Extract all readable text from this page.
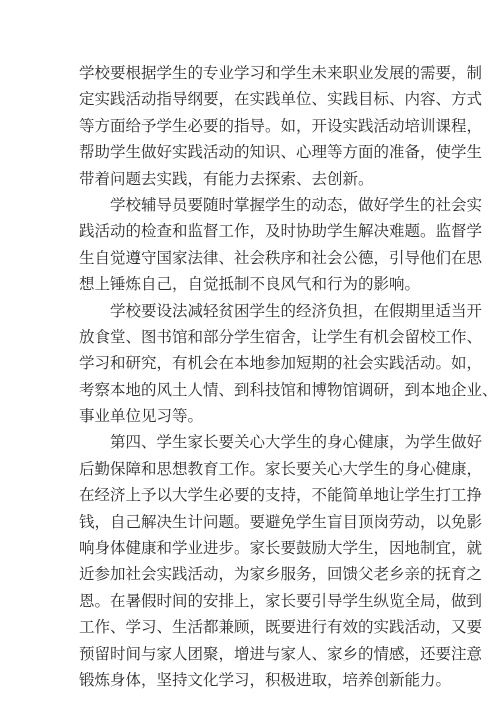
学校要根据学生的专业学习和学生未来职业发展的需要，制
定实践活动指导纲要，在实践单位、实践目标、内容、方式
等方面给予学生必要的指导。如，开设实践活动培训课程，
帮助学生做好实践活动的知识、心理等方面的准备，使学生
带着问题去实践，有能力去探索、去创新。
学校辅导员要随时掌握学生的动态，做好学生的社会实
践活动的检查和监督工作，及时协助学生解决难题。监督学
生自觉遵守国家法律、社会秩序和社会公德，引导他们在思
想上锤炼自己，自觉抵制不良风气和行为的影响。
学校要设法减轻贫困学生的经济负担，在假期里适当开
放食堂、图书馆和部分学生宿舍，让学生有机会留校工作、
学习和研究，有机会在本地参加短期的社会实践活动。如，
考察本地的风土人情、到科技馆和博物馆调研，到本地企业、
事业单位见习等。
第四、学生家长要关心大学生的身心健康，为学生做好
后勤保障和思想教育工作。家长要关心大学生的身心健康，
在经济上予以大学生必要的支持，不能简单地让学生打工挣
钱，自己解决生计问题。要避免学生盲目顶岗劳动，以免影
响身体健康和学业进步。家长要鼓励大学生，因地制宜，就
近参加社会实践活动，为家乡服务，回馈父老乡亲的抚育之
恩。在暑假时间的安排上，家长要引导学生纵览全局，做到
工作、学习、生活都兼顾，既要进行有效的实践活动，又要
预留时间与家人团聚，增进与家人、家乡的情感，还要注意
锻炼身体，坚持文化学习，积极进取，培养创新能力。
